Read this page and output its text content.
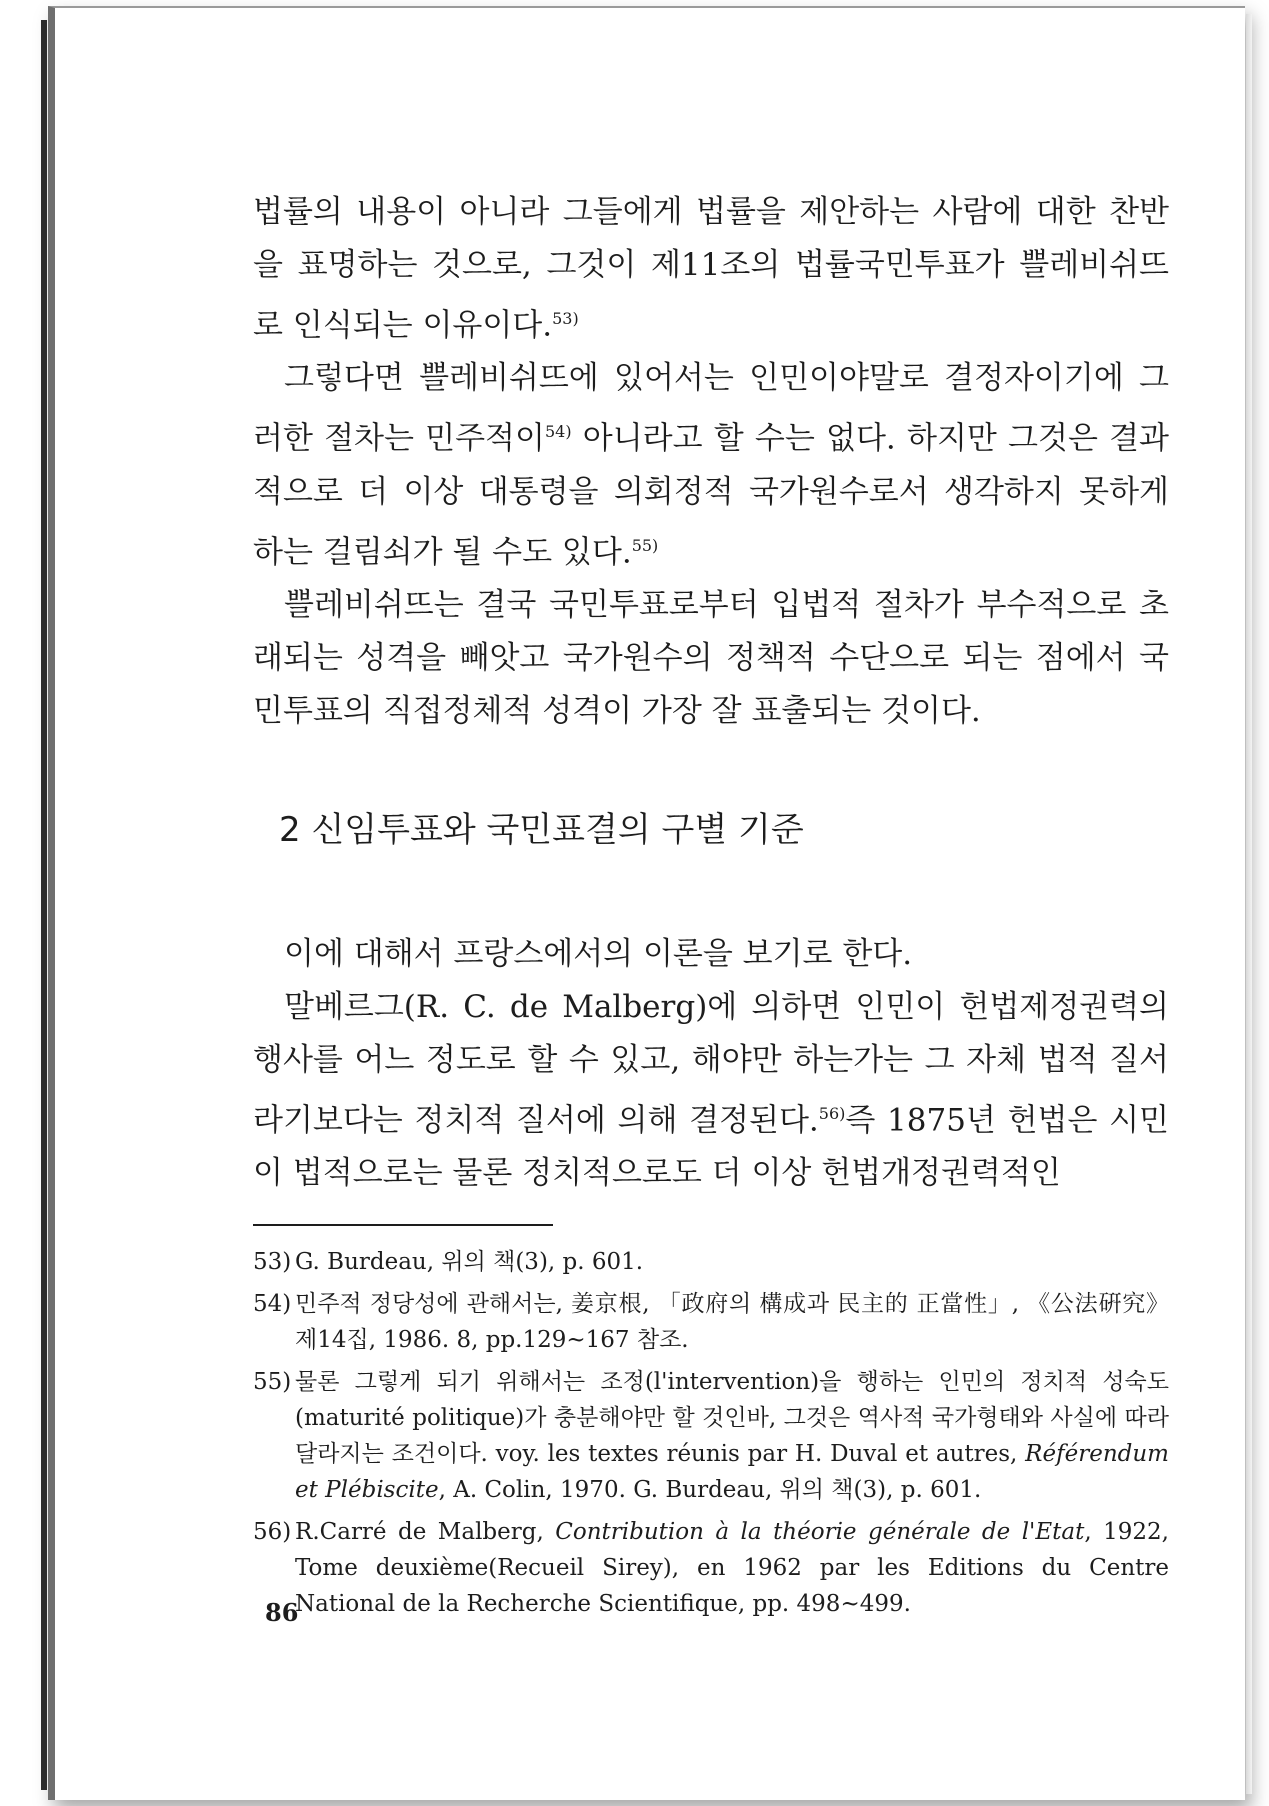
법률의 내용이 아니라 그들에게 법률을 제안하는 사람에 대한 찬반을 표명하는 것으로, 그것이 제11조의 법률국민투표가 쁠레비쉬뜨로 인식되는 이유이다.$^{53)}$

그렇다면 쁠레비쉬뜨에 있어서는 인민이야말로 결정자이기에 그러한 절차는 민주적이$^{54)}$ 아니라고 할 수는 없다. 하지만 그것은 결과적으로 더 이상 대통령을 의회정적 국가원수로서 생각하지 못하게 하는 걸림쇠가 될 수도 있다.$^{55)}$

쁠레비쉬뜨는 결국 국민투표로부터 입법적 절차가 부수적으로 초래되는 성격을 빼앗고 국가원수의 정책적 수단으로 되는 점에서 국민투표의 직접정체적 성격이 가장 잘 표출되는 것이다.

2 신임투표와 국민표결의 구별 기준

이에 대해서 프랑스에서의 이론을 보기로 한다.

말베르그(R. C. de Malberg)에 의하면 인민이 헌법제정권력의 행사를 어느 정도로 할 수 있고, 해야만 하는가는 그 자체 법적 질서라기보다는 정치적 질서에 의해 결정된다.$^{56)}$즉 1875년 헌법은 시민이 법적으로는 물론 정치적으로도 더 이상 헌법개정권력적인

53) G. Burdeau, 위의 책(3), p. 601.
54) 민주적 정당성에 관해서는, 姜京根, 「政府의 構成과 民主的 正當性」, 《公法硏究》 제14집, 1986. 8, pp.129~167 참조.
55) 물론 그렇게 되기 위해서는 조정(l'intervention)을 행하는 인민의 정치적 성숙도(maturité politique)가 충분해야만 할 것인바, 그것은 역사적 국가형태와 사실에 따라 달라지는 조건이다. voy. les textes réunis par H. Duval et autres, Référendum et Plébiscite, A. Colin, 1970. G. Burdeau, 위의 책(3), p. 601.
56) R.Carré de Malberg, Contribution à la théorie générale de l'Etat, 1922, Tome deuxième(Recueil Sirey), en 1962 par les Editions du Centre National de la Recherche Scientifique, pp. 498~499.
86
